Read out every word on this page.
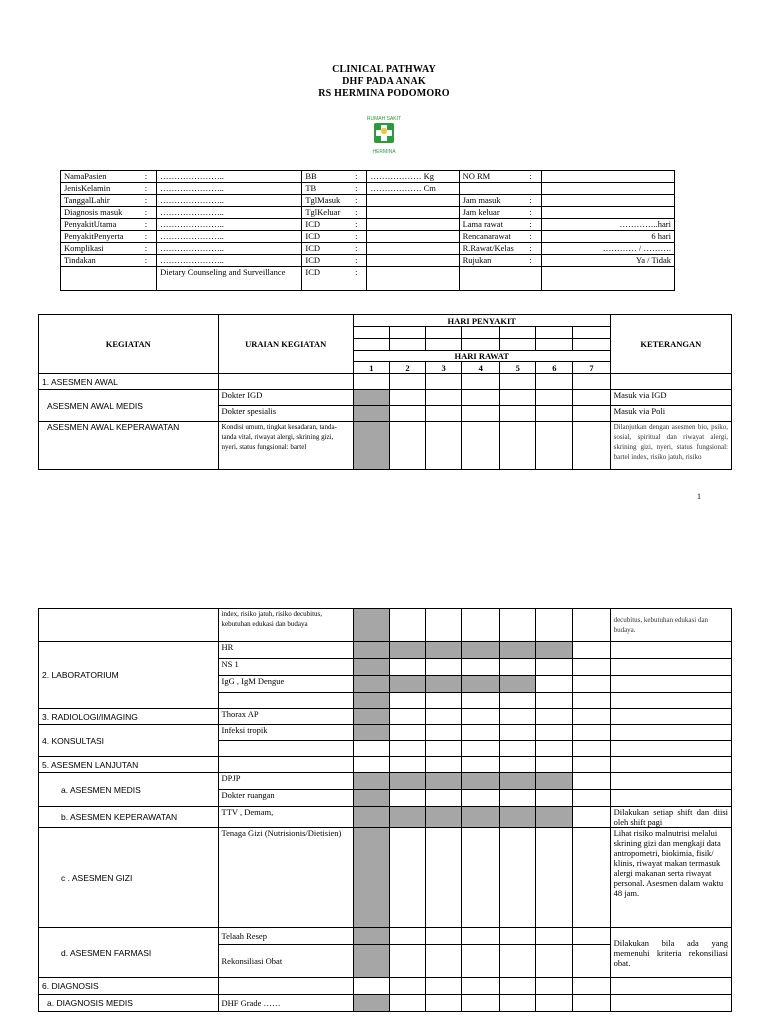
CLINICAL PATHWAY
DHF PADA ANAK
RS HERMINA PODOMORO
RUMAH SAKIT
HERMINA
NamaPasien :	…………………..	BB :	……………… Kg	NO RM :	

JenisKelamin :	…………………..	TB :	……………… Cm	

TanggalLahir :	…………………..	TglMasuk :		Jam masuk :	

Diagnosis masuk :	…………………..	TglKeluar :		Jam keluar :	

PenyakitUtama :	…………………..	ICD :		Lama rawat :	…………..hari
PenyakitPenyerta :	…………………..	ICD :		Rencanarawat :	6 hari
Komplikasi :	…………………..	ICD :		R.Rawat/Kelas :	………… / ……….
Tindakan :	…………………..	ICD :		Rujukan :	Ya / Tidak

	Dietary Counseling and Surveillance	ICD :			

KEGIATAN	URAIAN KEGIATAN	HARI PENYAKIT							KETERANGAN

		HARI RAWAT							
		1	2	3	4	5	6	7	
1. ASESMEN AWAL									
ASESMEN AWAL MEDIS	Dokter IGD								Masuk via IGD
	Dokter spesialis								Masuk via Poli
ASESMEN AWAL KEPERAWATAN	Kondisi umum, tingkat kesadaran, tanda-tanda vital, riwayat alergi, skrining gizi, nyeri, status fungsional: bartel								Dilanjutkan dengan asesmen bio, psiko, sosial, spiritual dan riwayat alergi, skrining gizi, nyeri, status fungsional: bartel index, risiko jatuh, risiko
1
	index, risiko jatuh, risiko decubitus, kebutuhan edukasi dan budaya								decubitus, kebutuhan edukasi dan budaya.
2. LABORATORIUM	HR								
	NS 1								
	IgG , IgM Dengue								

3. RADIOLOGI/IMAGING	Thorax AP								
4. KONSULTASI	Infeksi tropik								

5. ASESMEN LANJUTAN									
a. ASESMEN MEDIS	DPJP								
	Dokter ruangan								
b. ASESMEN KEPERAWATAN	TTV , Demam,								Dilakukan setiap shift dan diisi oleh shift pagi
c . ASESMEN GIZI	Tenaga Gizi (Nutrisionis/Dietisien)								Lihat risiko malnutrisi melalui skrining gizi dan mengkaji data antropometri, biokimia, fisik/ klinis, riwayat makan termasuk alergi makanan serta riwayat personal. Asesmen dalam waktu 48 jam.
d. ASESMEN FARMASI	Telaah Resep								Dilakukan bila ada yang memenuhi kriteria rekonsiliasi obat.
	Rekonsiliasi Obat								
6. DIAGNOSIS									
a. DIAGNOSIS MEDIS	DHF Grade ……								
